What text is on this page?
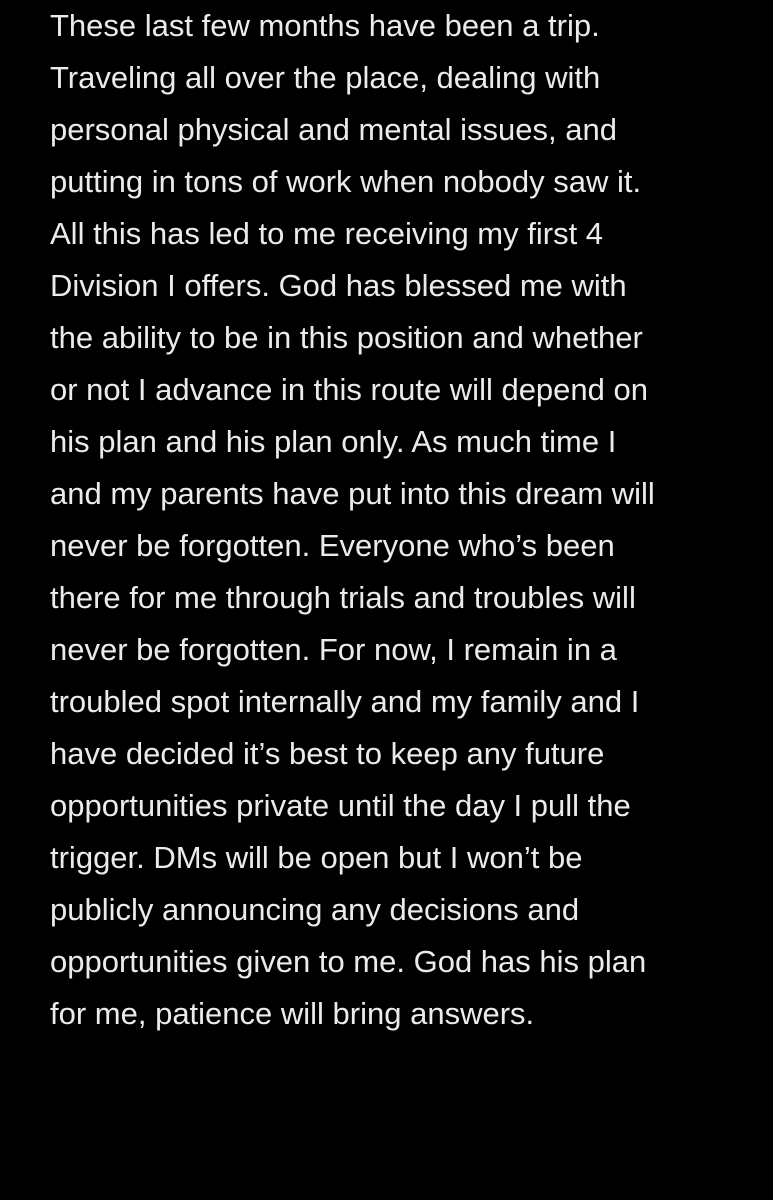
These last few months have been a trip.
Traveling all over the place, dealing with
personal physical and mental issues, and
putting in tons of work when nobody saw it.
All this has led to me receiving my first 4
Division I offers. God has blessed me with
the ability to be in this position and whether
or not I advance in this route will depend on
his plan and his plan only. As much time I
and my parents have put into this dream will
never be forgotten. Everyone who’s been
there for me through trials and troubles will
never be forgotten. For now, I remain in a
troubled spot internally and my family and I
have decided it’s best to keep any future
opportunities private until the day I pull the
trigger. DMs will be open but I won’t be
publicly announcing any decisions and
opportunities given to me. God has his plan
for me, patience will bring answers.
